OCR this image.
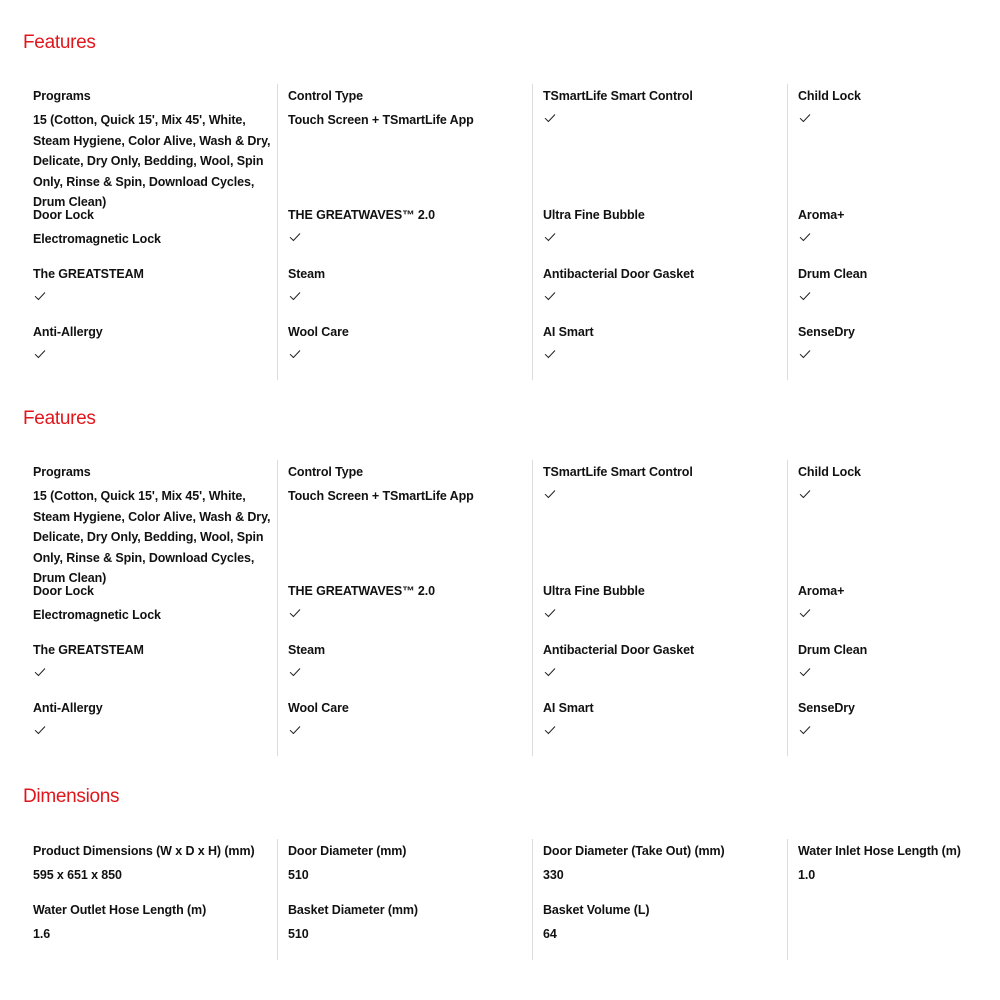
Features
Programs
15 (Cotton, Quick 15', Mix 45', White, Steam Hygiene, Color Alive, Wash & Dry, Delicate, Dry Only, Bedding, Wool, Spin Only, Rinse & Spin, Download Cycles, Drum Clean)
Door Lock
Electromagnetic Lock
The GREATSTEAM
Anti-Allergy
Control Type
Touch Screen + TSmartLife App
THE GREATWAVES™ 2.0
Steam
Wool Care
TSmartLife Smart Control
Ultra Fine Bubble
Antibacterial Door Gasket
AI Smart
Child Lock
Aroma+
Drum Clean
SenseDry
Features
Programs
15 (Cotton, Quick 15', Mix 45', White, Steam Hygiene, Color Alive, Wash & Dry, Delicate, Dry Only, Bedding, Wool, Spin Only, Rinse & Spin, Download Cycles, Drum Clean)
Door Lock
Electromagnetic Lock
The GREATSTEAM
Anti-Allergy
Control Type
Touch Screen + TSmartLife App
THE GREATWAVES™ 2.0
Steam
Wool Care
TSmartLife Smart Control
Ultra Fine Bubble
Antibacterial Door Gasket
AI Smart
Child Lock
Aroma+
Drum Clean
SenseDry
Dimensions
Product Dimensions (W x D x H) (mm)
595 x 651 x 850
Water Outlet Hose Length (m)
1.6
Door Diameter (mm)
510
Basket Diameter (mm)
510
Door Diameter (Take Out) (mm)
330
Basket Volume (L)
64
Water Inlet Hose Length (m)
1.0
